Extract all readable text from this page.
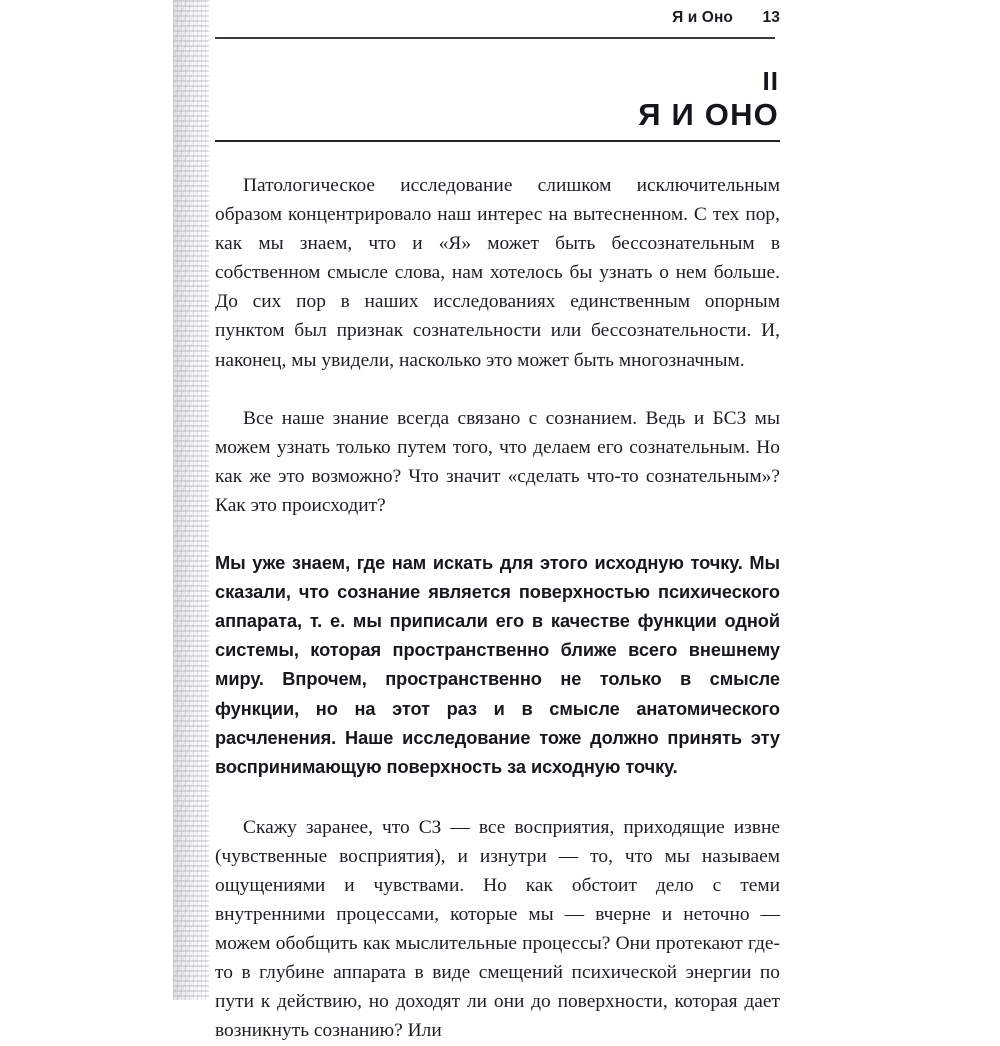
Я и Оно	13
II
Я И ОНО

Патологическое исследование слишком исключительным образом концентрировало наш интерес на вытесненном. С тех пор, как мы знаем, что и «Я» может быть бессознательным в собственном смысле слова, нам хотелось бы узнать о нем больше. До сих пор в наших исследованиях единственным опорным пунктом был признак сознательности или бессознательности. И, наконец, мы увидели, насколько это может быть многозначным.

Все наше знание всегда связано с сознанием. Ведь и БСЗ мы можем узнать только путем того, что делаем его сознательным. Но как же это возможно? Что значит «сделать что-то сознательным»? Как это происходит?

Мы уже знаем, где нам искать для этого исходную точку. Мы сказали, что сознание является поверхностью психического аппарата, т. е. мы приписали его в качестве функции одной системы, которая пространственно ближе всего внешнему миру. Впрочем, пространственно не только в смысле функции, но на этот раз и в смысле анатомического расчленения. Наше исследование тоже должно принять эту воспринимающую поверхность за исходную точку.

Скажу заранее, что СЗ — все восприятия, приходящие извне (чувственные восприятия), и изнутри — то, что мы называем ощущениями и чувствами. Но как обстоит дело с теми внутренними процессами, которые мы — вчерне и неточно — можем обобщить как мыслительные процессы? Они протекают где-то в глубине аппарата в виде смещений психической энергии по пути к действию, но доходят ли они до поверхности, которая дает возникнуть сознанию? Или
